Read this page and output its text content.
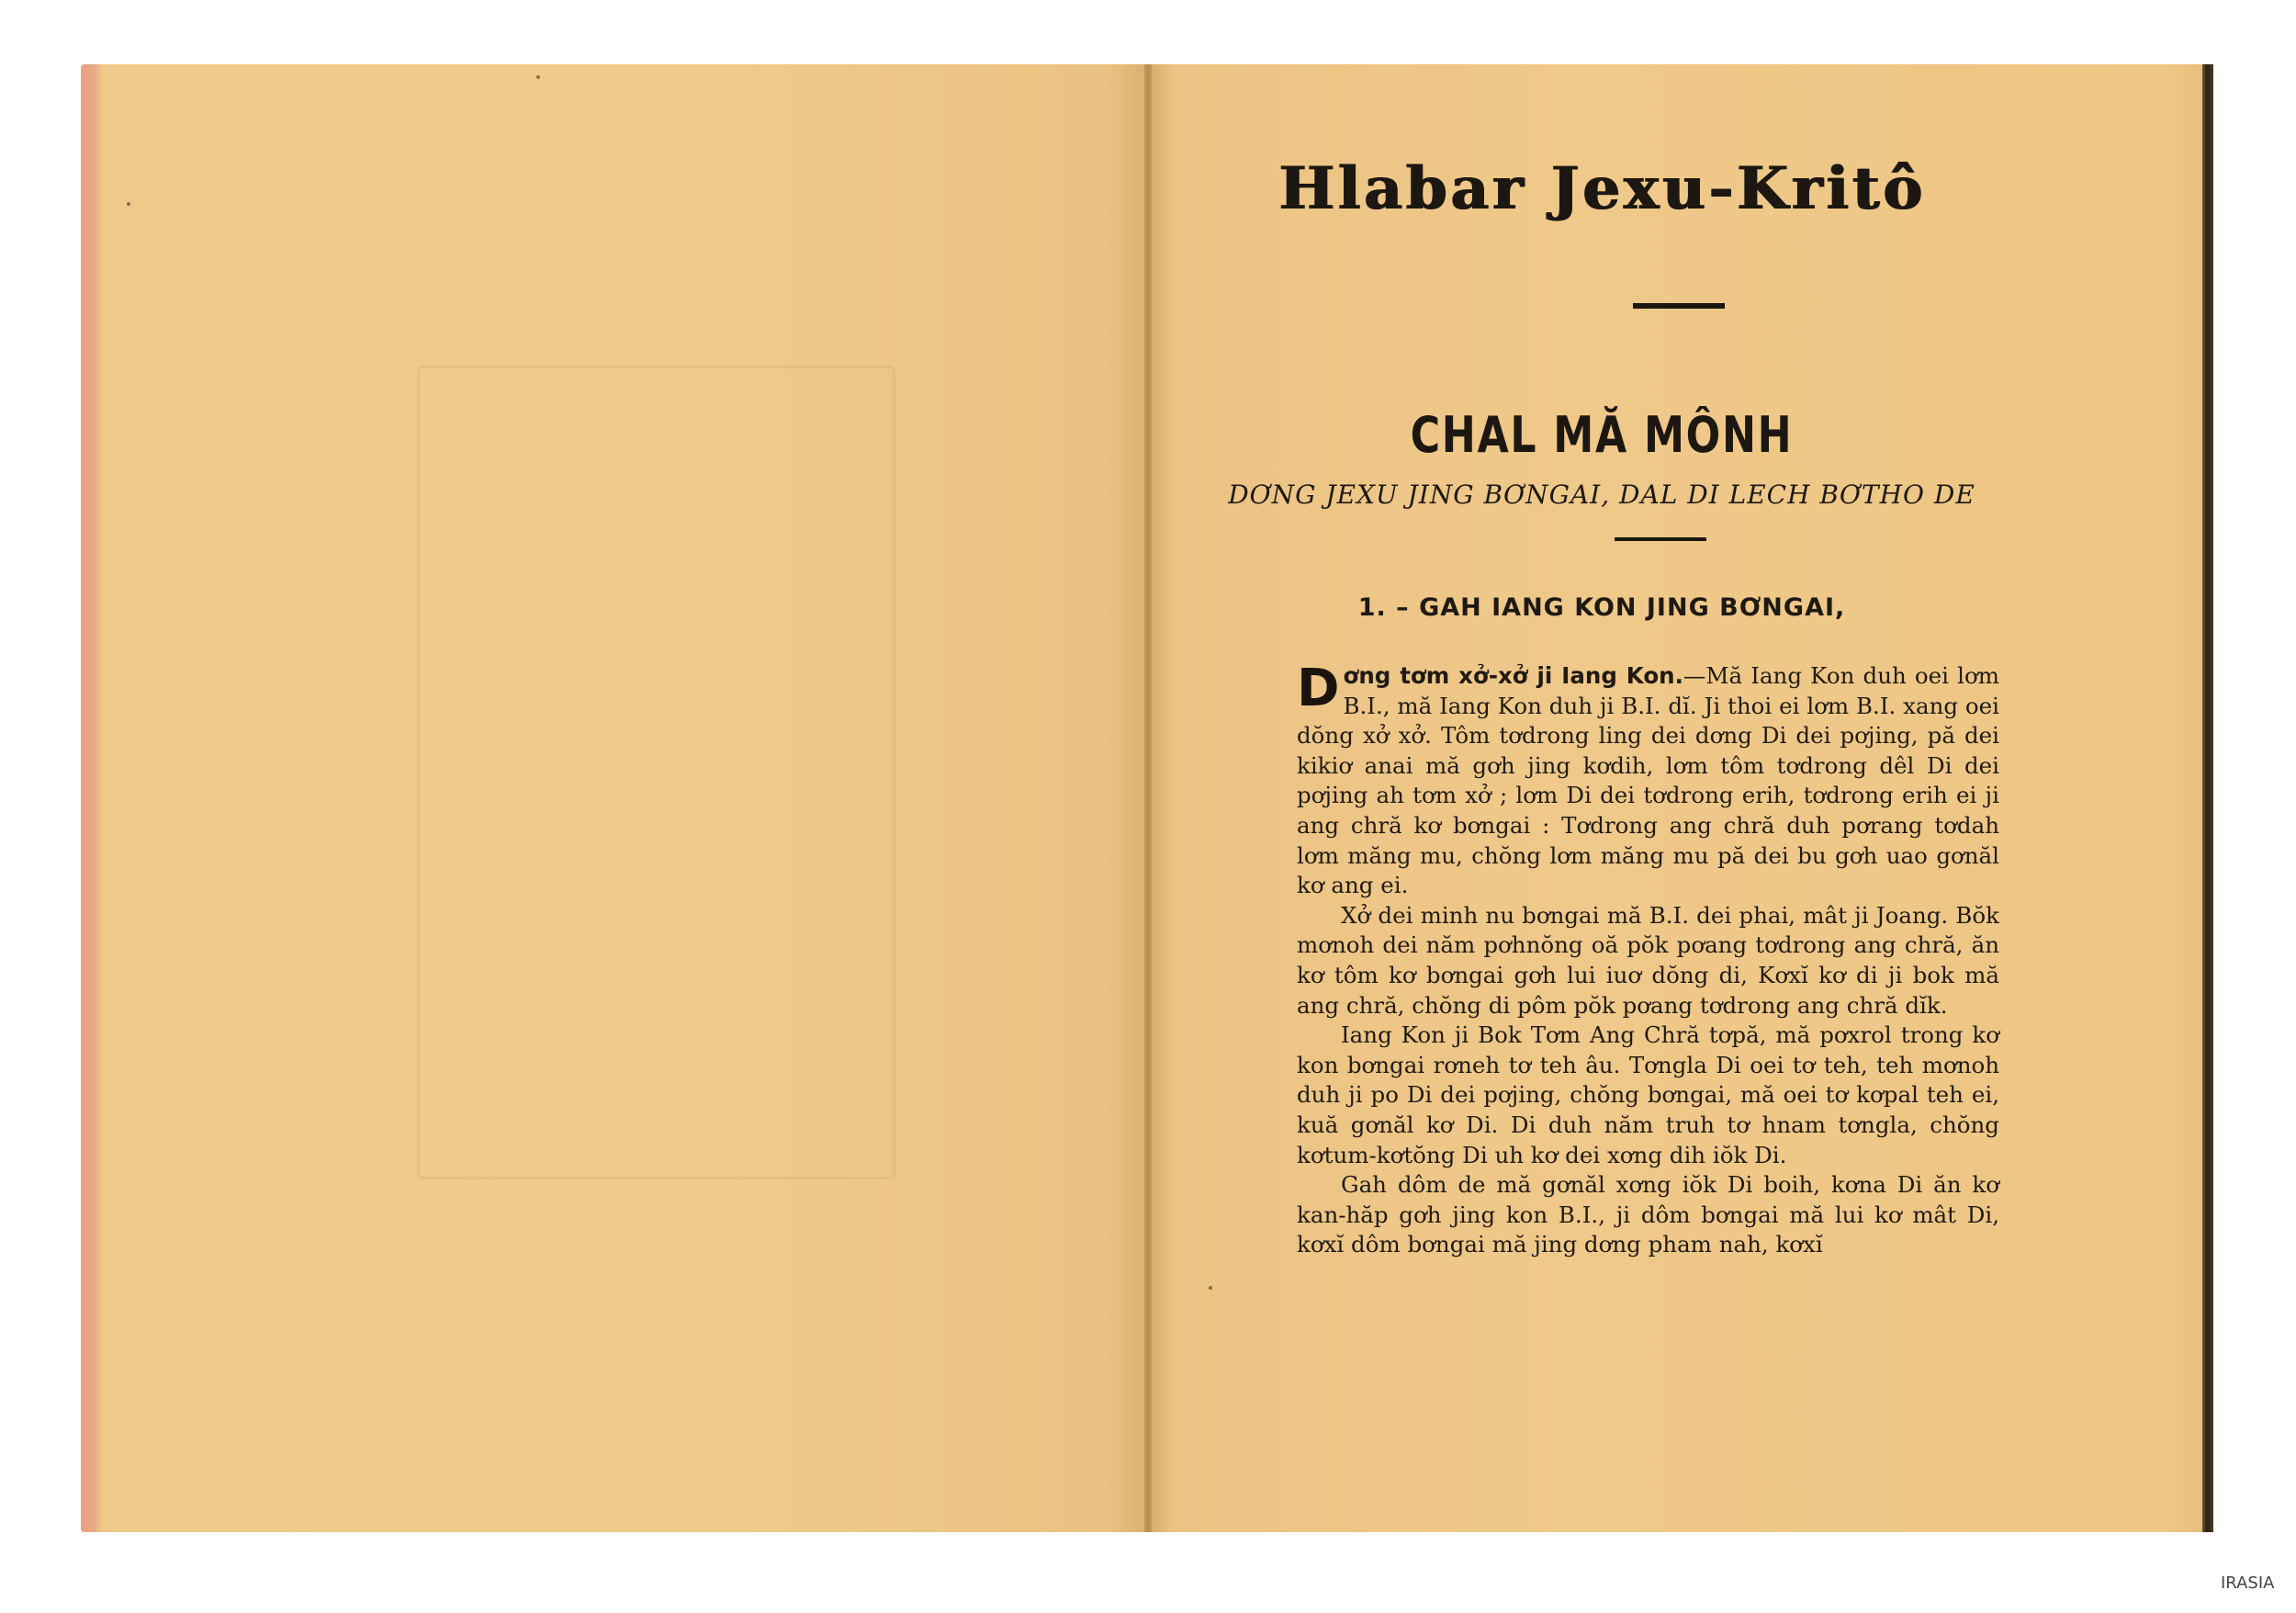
Hlabar Jexu-Kritô
CHAL MĂ MÔNH
DƠNG JEXU JING BƠNGAI, DAL DI LECH BƠTHO DE
1. – GAH IANG KON JING BƠNGAI,

Dơng tơm xở-xở ji Iang Kon.—Mă Iang Kon duh oei lơm B.I., mă Iang Kon duh ji B.I. dĭ. Ji thoi ei lơm B.I. xang oei dŏng xở xở. Tôm tơdrong ling dei dơng Di dei pơjing, pă dei kikiơ anai mă gơh jing kơdih, lơm tôm tơdrong dêl Di dei pơjing ah tơm xở ; lơm Di dei tơdrong erih, tơdrong erih ei ji ang chră kơ bơngai : Tơdrong ang chră duh pơrang tơdah lơm măng mu, chŏng lơm măng mu pă dei bu gơh uao gơnăl kơ ang ei.

Xở dei minh nu bơngai mă B.I. dei phai, mât ji Joang. Bŏk mơnoh dei năm pơhnŏng oă pŏk pơang tơdrong ang chră, ăn kơ tôm kơ bơngai gơh lui iuơ dŏng di, Kơxĭ kơ di ji bok mă ang chră, chŏng di pôm pŏk pơang tơdrong ang chră dĭk.

Iang Kon ji Bok Tơm Ang Chră tơpă, mă pơxrol trong kơ kon bơngai rơneh tơ teh âu. Tơngla Di oei tơ teh, teh mơnoh duh ji po Di dei pơjing, chŏng bơngai, mă oei tơ kơpal teh ei, kuă gơnăl kơ Di. Di duh năm truh tơ hnam tơngla, chŏng kơtum-kơtŏng Di uh kơ dei xơng dih iŏk Di.

Gah dôm de mă gơnăl xơng iŏk Di boih, kơna Di ăn kơ kan-hăp gơh jing kon B.I., ji dôm bơngai mă lui kơ mât Di, kơxĭ dôm bơngai mă jing dơng pham nah, kơxĭ

IRASIA
